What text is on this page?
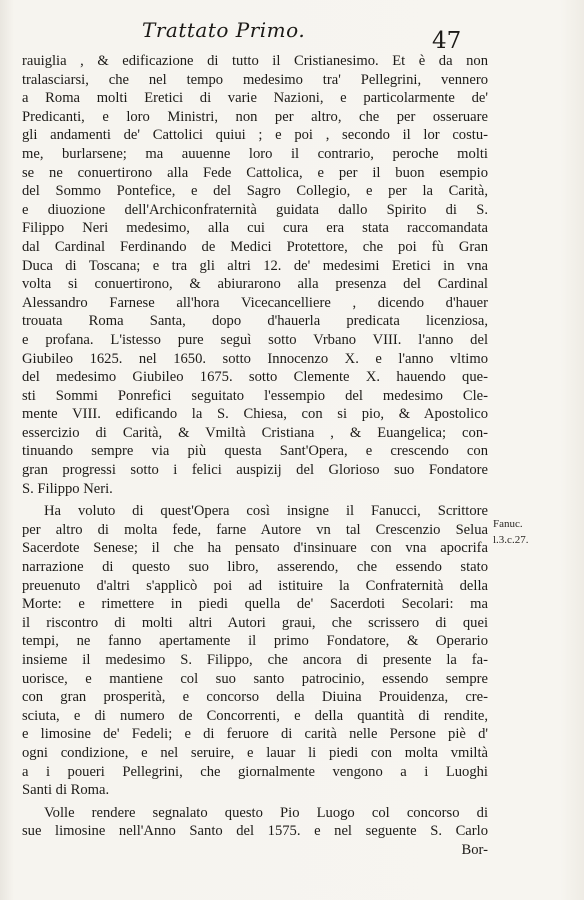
Trattato Primo.	47
rauiglia , & edificazione di tutto il Cristianesimo. Et è da non
tralasciarsi, che nel tempo medesimo tra' Pellegrini, vennero
a Roma molti Eretici di varie Nazioni, e particolarmente de'
Predicanti, e loro Ministri, non per altro, che per osseruare
gli andamenti de' Cattolici quiui ; e poi , secondo il lor costu-
me, burlarsene; ma auuenne loro il contrario, peroche molti
se ne conuertirono alla Fede Cattolica, e per il buon esempio
del Sommo Pontefice, e del Sagro Collegio, e per la Carità,
e diuozione dell'Archiconfraternità guidata dallo Spirito di S.
Filippo Neri medesimo, alla cui cura era stata raccomandata
dal Cardinal Ferdinando de Medici Protettore, che poi fù Gran
Duca di Toscana; e tra gli altri 12. de' medesimi Eretici in vna
volta si conuertirono, & abiurarono alla presenza del Cardinal
Alessandro Farnese all'hora Vicecancelliere , dicendo d'hauer
trouata Roma Santa, dopo d'hauerla predicata licenziosa,
e profana. L'istesso pure seguì sotto Vrbano VIII. l'anno del
Giubileo 1625. nel 1650. sotto Innocenzo X. e l'anno vltimo
del medesimo Giubileo 1675. sotto Clemente X. hauendo que-
sti Sommi Ponrefici seguitato l'essempio del medesimo Cle-
mente VIII. edificando la S. Chiesa, con si pio, & Apostolico
essercizio di Carità, & Vmiltà Cristiana , & Euangelica; con-
tinuando sempre via più questa Sant'Opera, e crescendo con
gran progressi sotto i felici auspizij del Glorioso suo Fondatore
S. Filippo Neri.
Ha voluto di quest'Opera così insigne il Fanucci, Scrittore
per altro di molta fede, farne Autore vn tal Crescenzio Selua
Sacerdote Senese; il che ha pensato d'insinuare con vna apocrifa
narrazione di questo suo libro, asserendo, che essendo stato
preuenuto d'altri s'applicò poi ad istituire la Confraternità della
Morte: e rimettere in piedi quella de' Sacerdoti Secolari: ma
il riscontro di molti altri Autori graui, che scrissero di quei
tempi, ne fanno apertamente il primo Fondatore, & Operario
insieme il medesimo S. Filippo, che ancora di presente la fa-
uorisce, e mantiene col suo santo patrocinio, essendo sempre
con gran prosperità, e concorso della Diuina Prouidenza, cre-
sciuta, e di numero de Concorrenti, e della quantità di rendite,
e limosine de' Fedeli; e di feruore di carità nelle Persone piè d'
ogni condizione, e nel seruire, e lauar li piedi con molta vmiltà
a i poueri Pellegrini, che giornalmente vengono a i Luoghi
Santi di Roma.
Volle rendere segnalato questo Pio Luogo col concorso di
sue limosine nell'Anno Santo del 1575. e nel seguente S. Carlo
Bor-
Fanuc.
l.3.c.27.
